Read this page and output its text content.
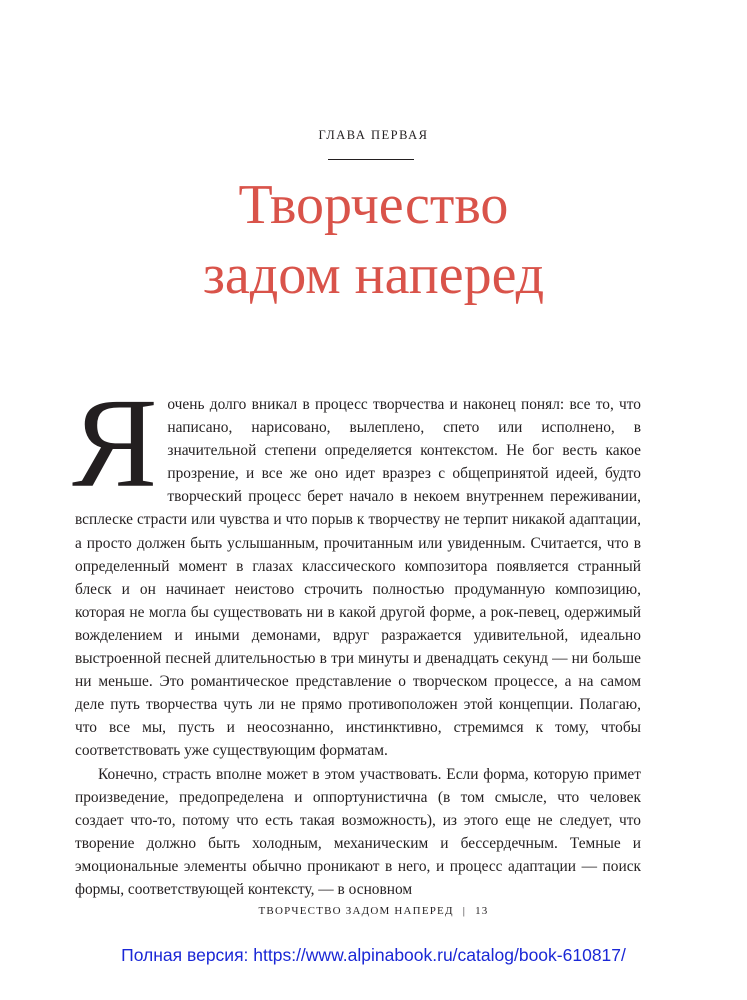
ГЛАВА ПЕРВАЯ
Творчество
задом наперед

Яочень долго вникал в процесс творчества и наконец понял: все то, что написано, нарисовано, вылеплено, спето или исполнено, в значительной степени определяется контекстом. Не бог весть какое прозрение, и все же оно идет вразрез с общепринятой идеей, будто творческий процесс берет начало в некоем внутреннем переживании, всплеске страсти или чувства и что порыв к творчеству не терпит никакой адаптации, а просто должен быть услышанным, прочитанным или увиденным. Считается, что в определенный момент в глазах классического композитора появляется странный блеск и он начинает неистово строчить полностью продуманную композицию, которая не могла бы существовать ни в какой другой форме, а рок-певец, одержимый вожделением и иными демонами, вдруг разражается удивительной, идеально выстроенной песней длительностью в три минуты и двенадцать секунд — ни больше ни меньше. Это романтическое представление о творческом процессе, а на самом деле путь творчества чуть ли не прямо противоположен этой концепции. Полагаю, что все мы, пусть и неосознанно, инстинктивно, стремимся к тому, чтобы соответствовать уже существующим форматам.

Конечно, страсть вполне может в этом участвовать. Если форма, которую примет произведение, предопределена и оппортунистична (в том смысле, что человек создает что-то, потому что есть такая возможность), из этого еще не следует, что творение должно быть холодным, механическим и бессердечным. Темные и эмоциональные элементы обычно проникают в него, и процесс адаптации — поиск формы, соответствующей контексту, — в основном

ТВОРЧЕСТВО ЗАДОМ НАПЕРЕД | 13
Полная версия: https://www.alpinabook.ru/catalog/book-610817/
